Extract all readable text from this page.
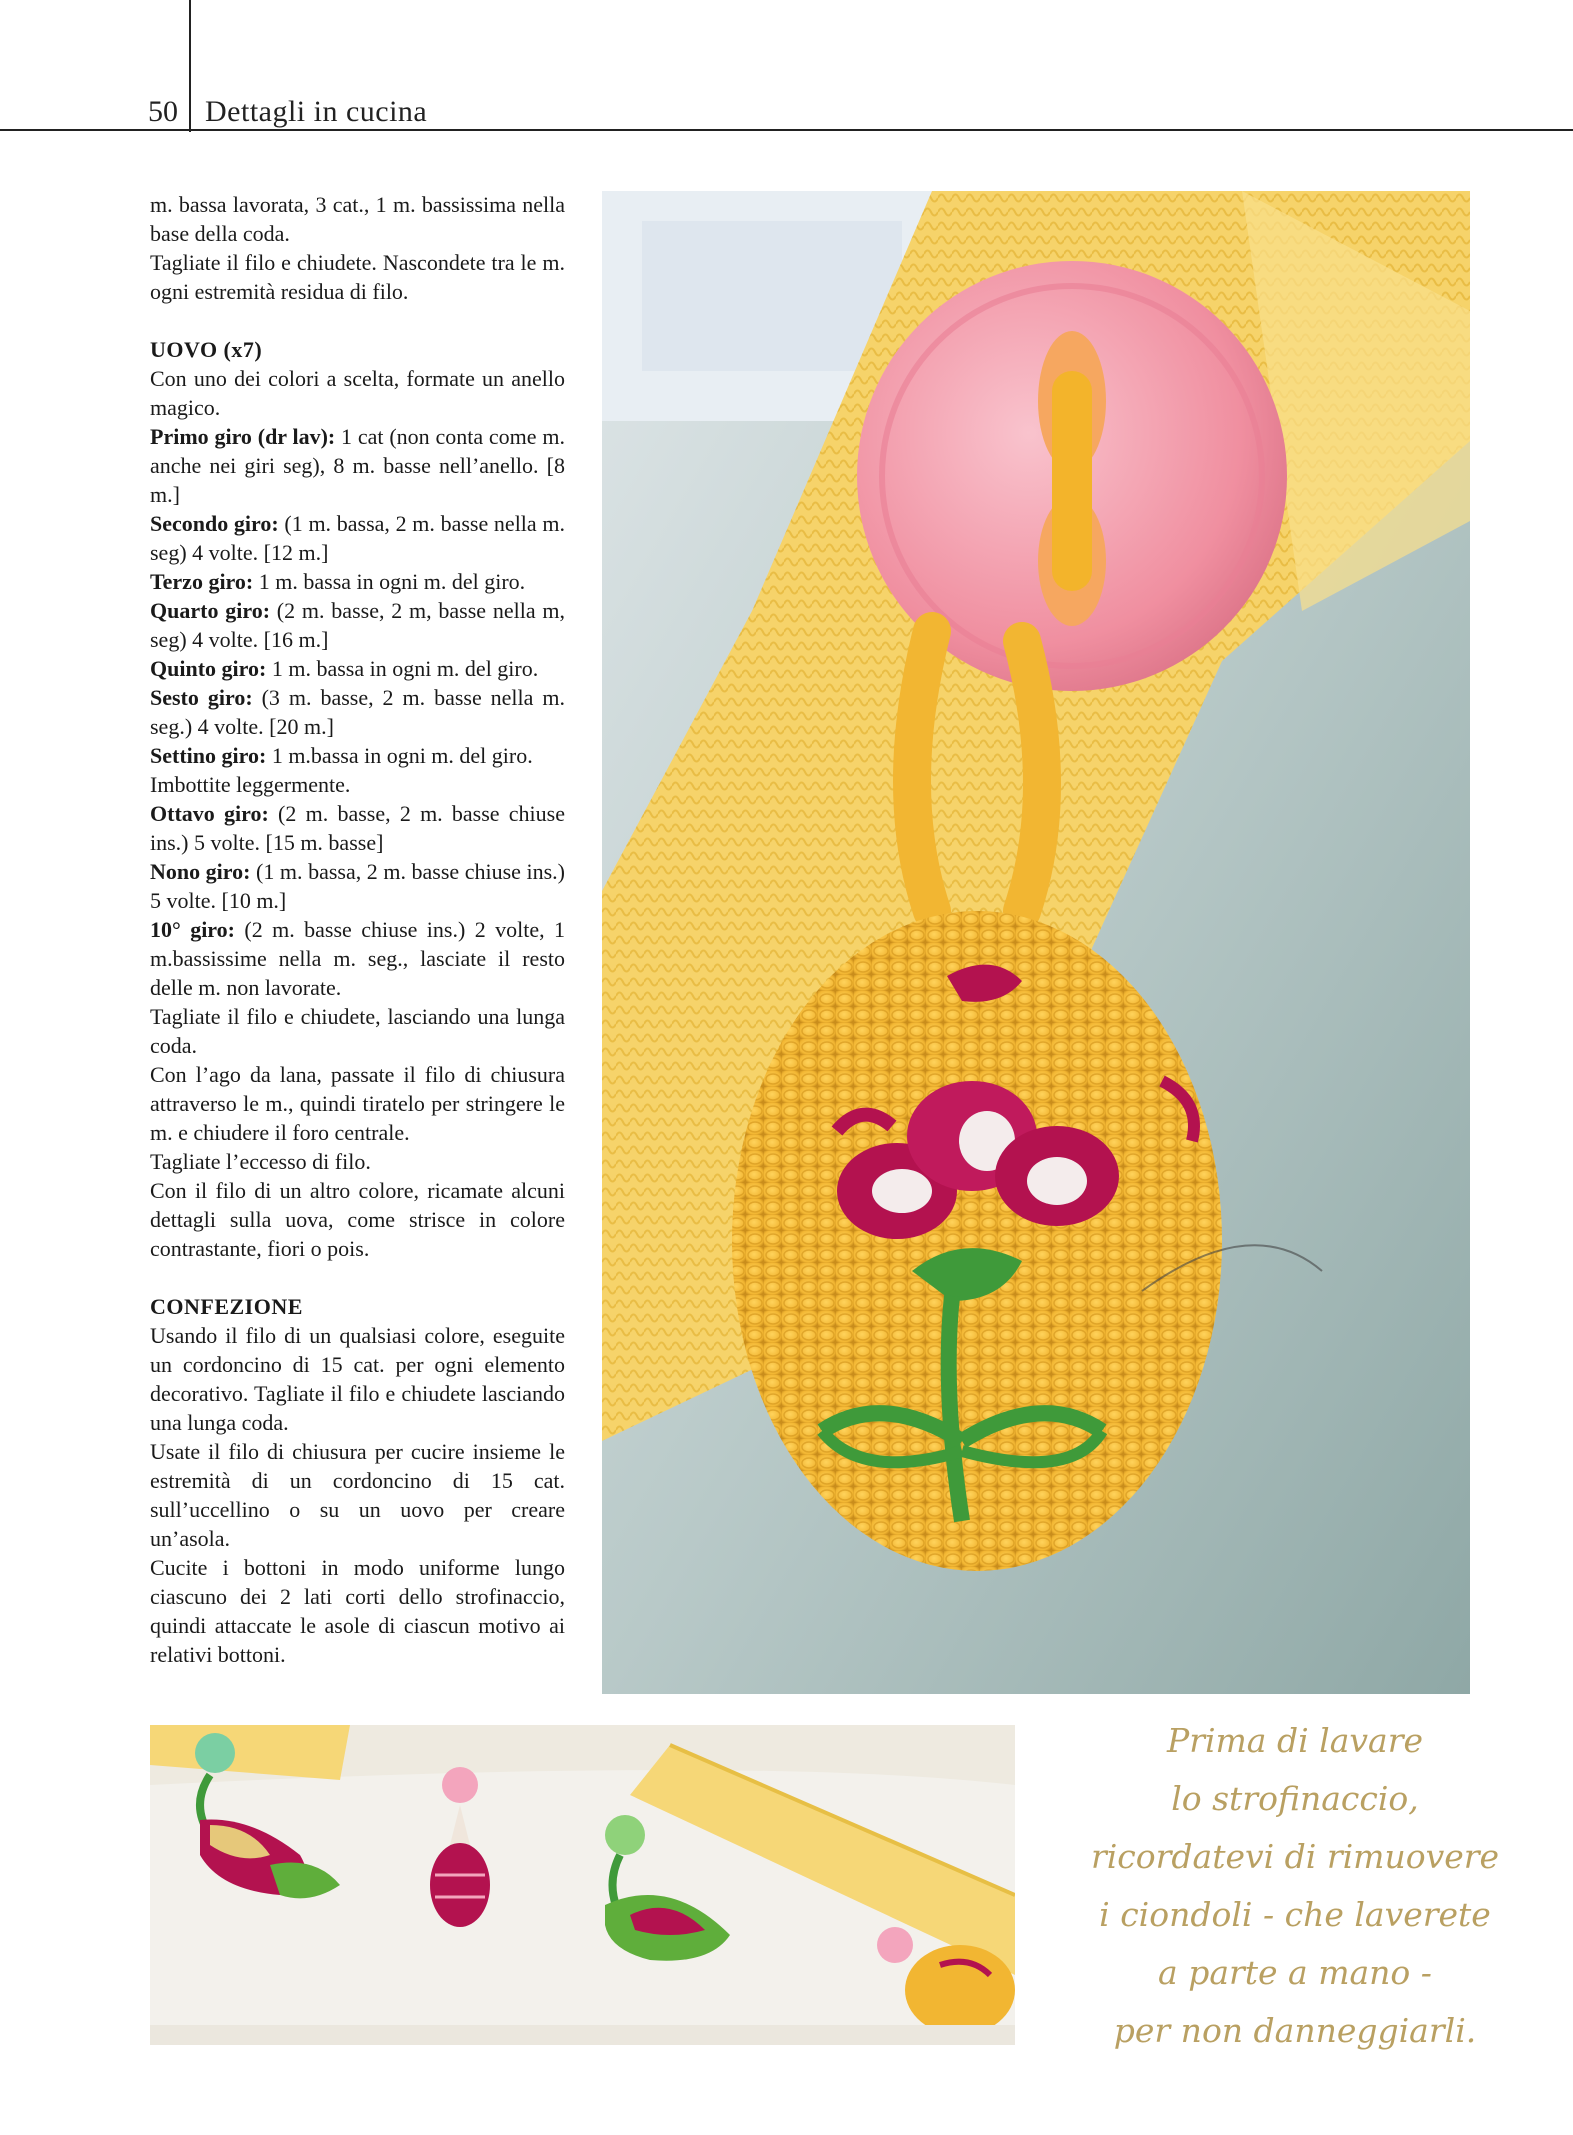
50 Dettagli in cucina

m. bassa lavorata, 3 cat., 1 m. bassissima nella base della coda.

Tagliate il filo e chiudete. Nascondete tra le m. ogni estremità residua di filo.

UOVO (x7)

Con uno dei colori a scelta, formate un anello magico.

Primo giro (dr lav): 1 cat (non conta come m. anche nei giri seg), 8 m. basse nell’anello. [8 m.]

Secondo giro: (1 m. bassa, 2 m. basse nella m. seg) 4 volte. [12 m.]

Terzo giro: 1 m. bassa in ogni m. del giro.

Quarto giro: (2 m. basse, 2 m, basse nella m, seg) 4 volte. [16 m.]

Quinto giro: 1 m. bassa in ogni m. del giro.

Sesto giro: (3 m. basse, 2 m. basse nella m. seg.) 4 volte. [20 m.]

Settino giro: 1 m.bassa in ogni m. del giro.

Imbottite leggermente.

Ottavo giro: (2 m. basse, 2 m. basse chiuse ins.) 5 volte. [15 m. basse]

Nono giro: (1 m. bassa, 2 m. basse chiuse ins.) 5 volte. [10 m.]

10° giro: (2 m. basse chiuse ins.) 2 volte, 1 m.bassissime nella m. seg., lasciate il resto delle m. non lavorate.

Tagliate il filo e chiudete, lasciando una lunga coda.

Con l’ago da lana, passate il filo di chiusura attraverso le m., quindi tiratelo per stringere le m. e chiudere il foro centrale.

Tagliate l’eccesso di filo.

Con il filo di un altro colore, ricamate alcuni dettagli sulla uova, come strisce in colore contrastante, fiori o pois.

CONFEZIONE

Usando il filo di un qualsiasi colore, eseguite un cordoncino di 15 cat. per ogni elemento decorativo. Tagliate il filo e chiudete lasciando una lunga coda.

Usate il filo di chiusura per cucire insieme le estremità di un cordoncino di 15 cat. sull’uccellino o su un uovo per creare un’asola.

Cucite i bottoni in modo uniforme lungo ciascuno dei 2 lati corti dello strofinaccio, quindi attaccate le asole di ciascun motivo ai relativi bottoni.

Prima di lavare
lo strofinaccio,
ricordatevi di rimuovere
i ciondoli - che laverete
a parte a mano -
per non danneggiarli.
